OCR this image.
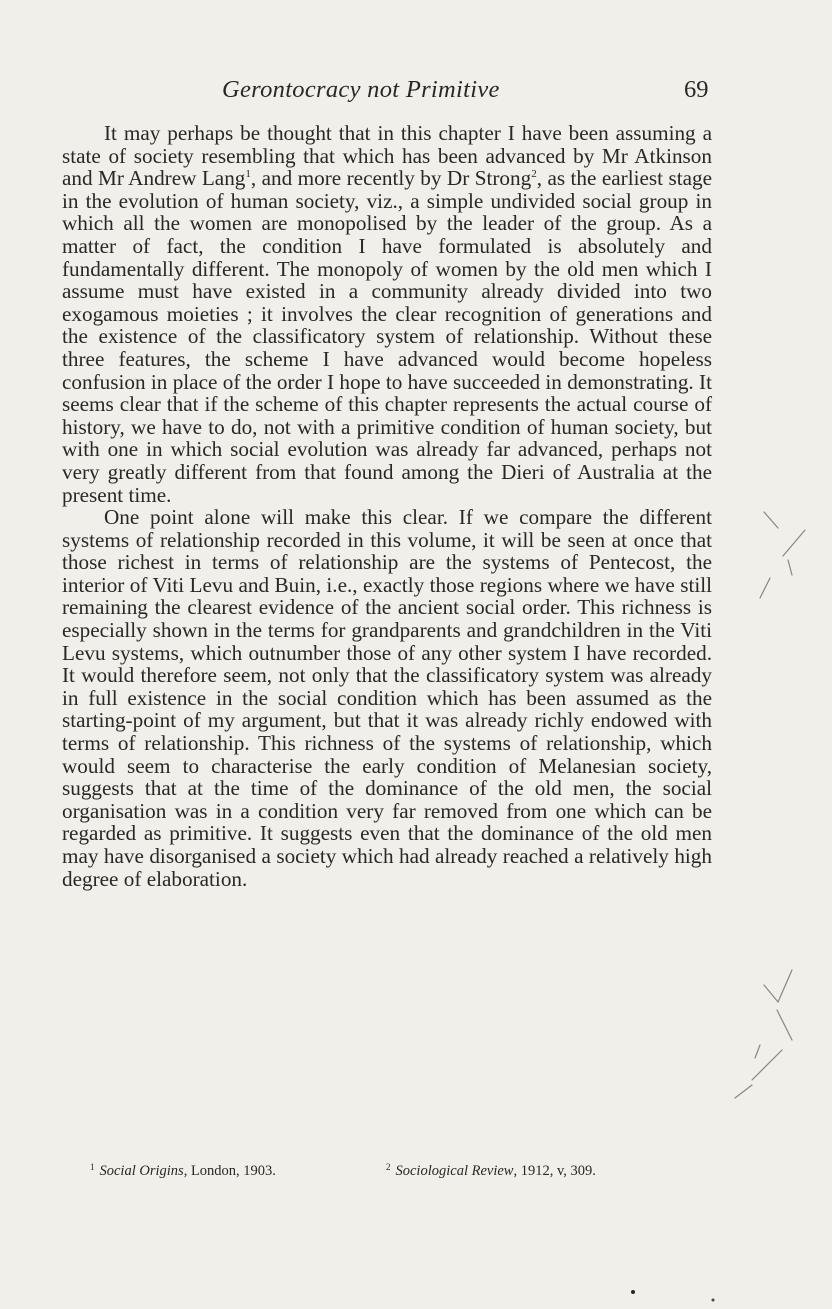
Gerontocracy not Primitive	69

It may perhaps be thought that in this chapter I have been assuming a state of society resembling that which has been advanced by Mr Atkinson and Mr Andrew Lang$^1$, and more recently by Dr Strong$^2$, as the earliest stage in the evolution of human society, viz., a simple undivided social group in which all the women are monopolised by the leader of the group. As a matter of fact, the condition I have formulated is absolutely and fundamentally different. The monopoly of women by the old men which I assume must have existed in a community already divided into two exogamous moieties ; it involves the clear recognition of generations and the existence of the classificatory system of relationship. Without these three features, the scheme I have advanced would become hopeless confusion in place of the order I hope to have succeeded in demonstrating. It seems clear that if the scheme of this chapter represents the actual course of history, we have to do, not with a primitive condition of human society, but with one in which social evolution was already far advanced, perhaps not very greatly different from that found among the Dieri of Australia at the present time.

One point alone will make this clear. If we compare the different systems of relationship recorded in this volume, it will be seen at once that those richest in terms of relationship are the systems of Pentecost, the interior of Viti Levu and Buin, i.e., exactly those regions where we have still remaining the clearest evidence of the ancient social order. This richness is especially shown in the terms for grandparents and grandchildren in the Viti Levu systems, which outnumber those of any other system I have recorded. It would therefore seem, not only that the classificatory system was already in full existence in the social condition which has been assumed as the starting-point of my argument, but that it was already richly endowed with terms of relationship. This richness of the systems of relationship, which would seem to characterise the early condition of Melanesian society, suggests that at the time of the dominance of the old men, the social organisation was in a condition very far removed from one which can be regarded as primitive. It suggests even that the dominance of the old men may have disorganised a society which had already reached a relatively high degree of elaboration.

$^1$ Social Origins, London, 1903.	$^2$ Sociological Review, 1912, v, 309.
